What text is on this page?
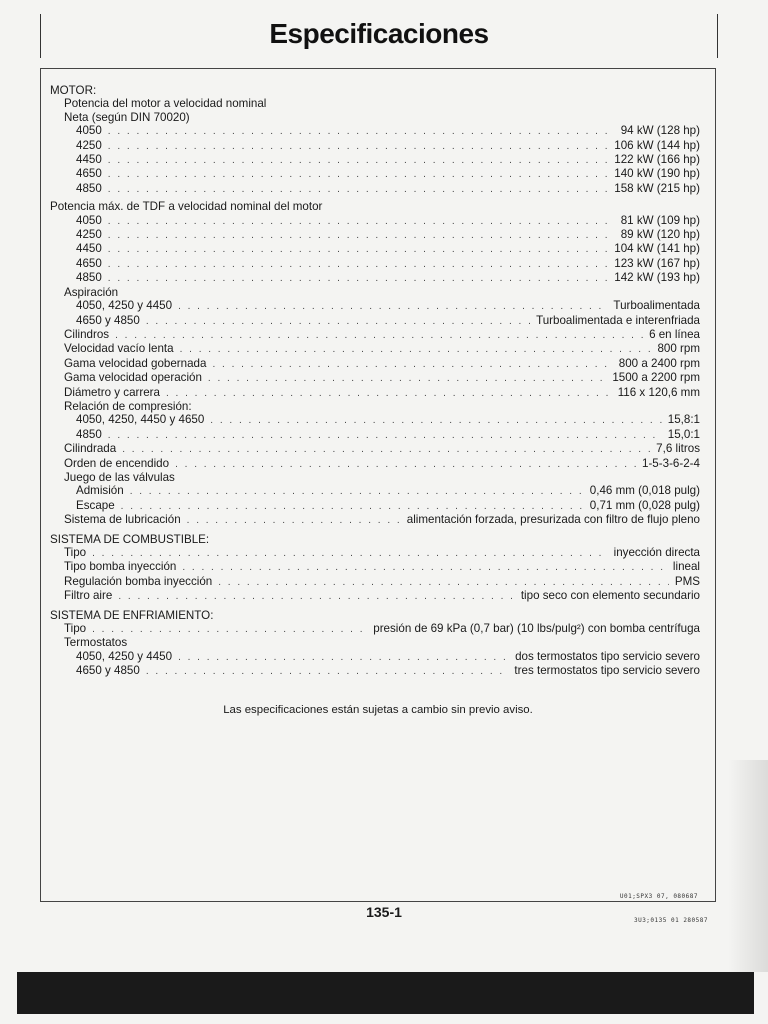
Especificaciones
MOTOR:
Potencia del motor a velocidad nominal
Neta (según DIN 70020)
4050 . . .	94 kW (128 hp)
4250 . . .	106 kW (144 hp)
4450 . . .	122 kW (166 hp)
4650 . . .	140 kW (190 hp)
4850 . . .	158 kW (215 hp)
Potencia máx. de TDF a velocidad nominal del motor
4050 . . .	81 kW (109 hp)
4250 . . .	89 kW (120 hp)
4450 . . .	104 kW (141 hp)
4650 . . .	123 kW (167 hp)
4850 . . .	142 kW (193 hp)
Aspiración
4050, 4250 y 4450 . . .	Turboalimentada
4650 y 4850 . . .	Turboalimentada e interenfriada
Cilindros . . .	6 en línea
Velocidad vacío lenta . . .	800 rpm
Gama velocidad gobernada . . .	800 a 2400 rpm
Gama velocidad operación . . .	1500 a 2200 rpm
Diámetro y carrera . . .	116 x 120,6 mm
Relación de compresión:
4050, 4250, 4450 y 4650 . . .	15,8:1
4850 . . .	15,0:1
Cilindrada . . .	7,6 litros
Orden de encendido . . .	1-5-3-6-2-4
Juego de las válvulas
Admisión . . .	0,46 mm (0,018 pulg)
Escape . . .	0,71 mm (0,028 pulg)
Sistema de lubricación . . .	alimentación forzada, presurizada con filtro de flujo pleno
SISTEMA DE COMBUSTIBLE:
Tipo . . .	inyección directa
Tipo bomba inyección . . .	lineal
Regulación bomba inyección . . .	PMS
Filtro aire . . .	tipo seco con elemento secundario
SISTEMA DE ENFRIAMIENTO:
Tipo . . .	presión de 69 kPa (0,7 bar) (10 lbs/pulg²) con bomba centrífuga
Termostatos
4050, 4250 y 4450 . . .	dos termostatos tipo servicio severo
4650 y 4850 . . .	tres termostatos tipo servicio severo
Las especificaciones están sujetas a cambio sin previo aviso.
U01;SPX3 07, 080687
135-1
3U3;0135 01 280587
